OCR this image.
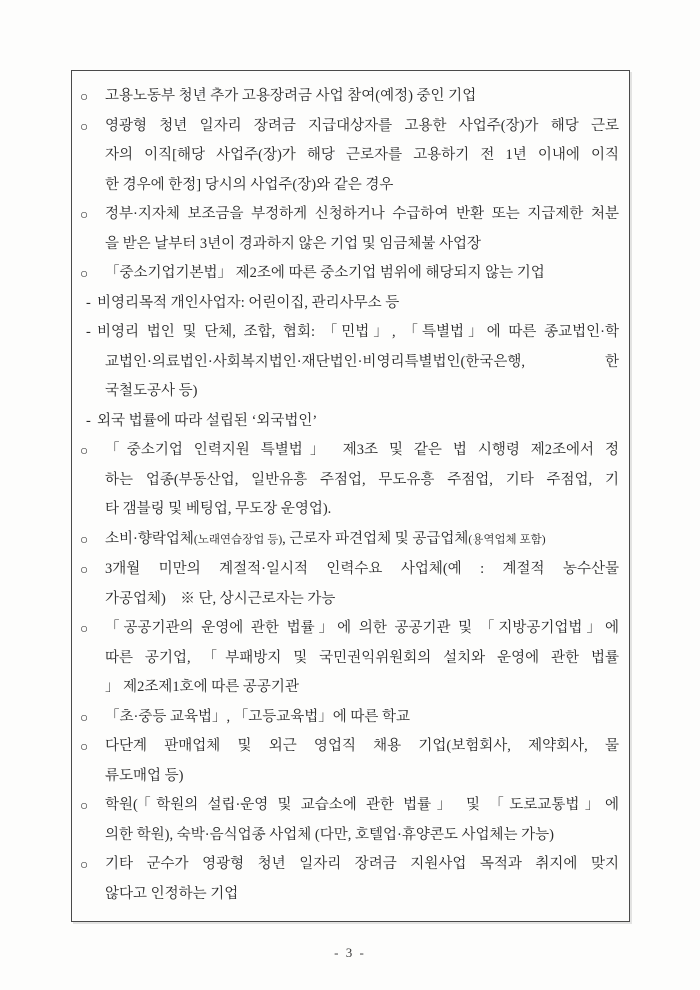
○ 고용노동부 청년 추가 고용장려금 사업 참여(예정) 중인 기업
○ 영광형 청년 일자리 장려금 지급대상자를 고용한 사업주(장)가 해당 근로
자의 이직[해당 사업주(장)가 해당 근로자를 고용하기 전 1년 이내에 이직
한 경우에 한정] 당시의 사업주(장)와 같은 경우
○ 정부·지자체 보조금을 부정하게 신청하거나 수급하여 반환 또는 지급제한 처분
을 받은 날부터 3년이 경과하지 않은 기업 및 임금체불 사업장
○ 「중소기업기본법」 제2조에 따른 중소기업 범위에 해당되지 않는 기업
- 비영리목적 개인사업자: 어린이집, 관리사무소 등
- 비영리 법인 및 단체, 조합, 협회: 「민법」, 「특별법」에 따른 종교법인·학
교법인·의료법인·사회복지법인·재단법인·비영리특별법인(한국은행, 한
국철도공사 등)
- 외국 법률에 따라 설립된 ‘외국법인’
○ 「중소기업 인력지원 특별법」 제3조 및 같은 법 시행령 제2조에서 정
하는 업종(부동산업, 일반유흥 주점업, 무도유흥 주점업, 기타 주점업, 기
타 갬블링 및 베팅업, 무도장 운영업).
○ 소비·향락업체(노래연습장업 등), 근로자 파견업체 및 공급업체(용역업체 포함)
○ 3개월 미만의 계절적·일시적 인력수요 사업체(예 : 계절적 농수산물
가공업체) ※ 단, 상시근로자는 가능
○ 「공공기관의 운영에 관한 법률」에 의한 공공기관 및 「지방공기업법」에
따른 공기업, 「부패방지 및 국민권익위원회의 설치와 운영에 관한 법률
」 제2조제1호에 따른 공공기관
○ 「초·중등 교육법」, 「고등교육법」에 따른 학교
○ 다단계 판매업체 및 외근 영업직 채용 기업(보험회사, 제약회사, 물
류도매업 등)
○ 학원(「학원의 설립·운영 및 교습소에 관한 법률」 및 「도로교통법」에
의한 학원), 숙박·음식업종 사업체 (다만, 호텔업·휴양콘도 사업체는 가능)
○ 기타 군수가 영광형 청년 일자리 장려금 지원사업 목적과 취지에 맞지
않다고 인정하는 기업
- 3 -
